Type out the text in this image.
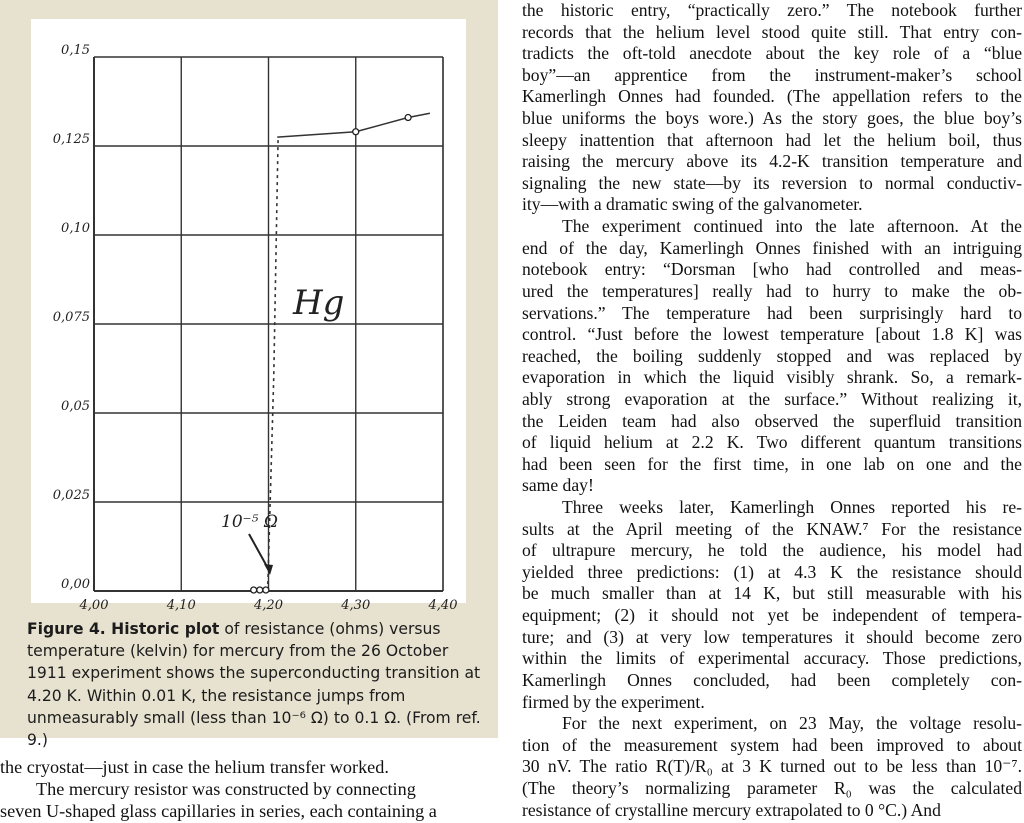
4,00	4,10	4,20	4,30	4,40
0,00
0,025
0,05
0,075
0,10
0,125
0,15
Hg
10⁻⁵ Ω
Figure 4. Historic plot of resistance (ohms) versus temperature (kelvin) for mercury from the 26 October 1911 experiment shows the superconducting transition at 4.20 K. Within 0.01 K, the resistance jumps from unmeasurably small (less than 10⁻⁶ Ω) to 0.1 Ω. (From ref. 9.)
the cryostat—just in case the helium transfer worked.
The mercury resistor was constructed by connecting
seven U-shaped glass capillaries in series, each containing a
the historic entry, “practically zero.” The notebook further
records that the helium level stood quite still. That entry con-
tradicts the oft-told anecdote about the key role of a “blue
boy”—an apprentice from the instrument-maker’s school
Kamerlingh Onnes had founded. (The appellation refers to the
blue uniforms the boys wore.) As the story goes, the blue boy’s
sleepy inattention that afternoon had let the helium boil, thus
raising the mercury above its 4.2-K transition temperature and
signaling the new state—by its reversion to normal conductiv-
ity—with a dramatic swing of the galvanometer.
The experiment continued into the late afternoon. At the
end of the day, Kamerlingh Onnes finished with an intriguing
notebook entry: “Dorsman [who had controlled and meas-
ured the temperatures] really had to hurry to make the ob-
servations.” The temperature had been surprisingly hard to
control. “Just before the lowest temperature [about 1.8 K] was
reached, the boiling suddenly stopped and was replaced by
evaporation in which the liquid visibly shrank. So, a remark-
ably strong evaporation at the surface.” Without realizing it,
the Leiden team had also observed the superfluid transition
of liquid helium at 2.2 K. Two different quantum transitions
had been seen for the first time, in one lab on one and the
same day!
Three weeks later, Kamerlingh Onnes reported his re-
sults at the April meeting of the KNAW.⁷ For the resistance
of ultrapure mercury, he told the audience, his model had
yielded three predictions: (1) at 4.3 K the resistance should
be much smaller than at 14 K, but still measurable with his
equipment; (2) it should not yet be independent of tempera-
ture; and (3) at very low temperatures it should become zero
within the limits of experimental accuracy. Those predictions,
Kamerlingh Onnes concluded, had been completely con-
firmed by the experiment.
For the next experiment, on 23 May, the voltage resolu-
tion of the measurement system had been improved to about
30 nV. The ratio R(T)/R₀ at 3 K turned out to be less than 10⁻⁷.
(The theory’s normalizing parameter R₀ was the calculated
resistance of crystalline mercury extrapolated to 0 °C.) And
